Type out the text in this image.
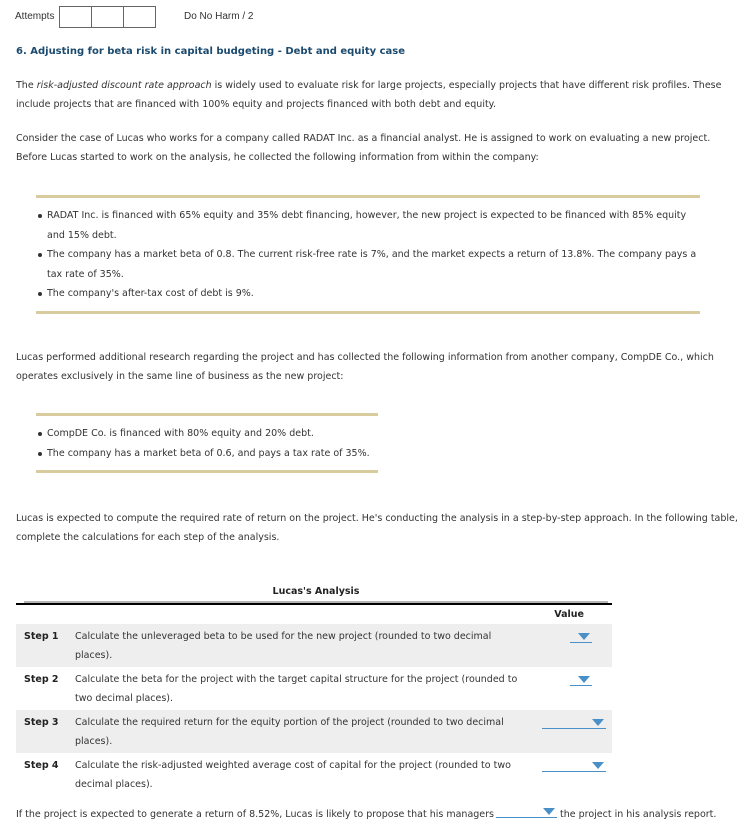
Attempts	Do No Harm / 2
6. Adjusting for beta risk in capital budgeting - Debt and equity case
The risk-adjusted discount rate approach is widely used to evaluate risk for large projects, especially projects that have different risk profiles. These include projects that are financed with 100% equity and projects financed with both debt and equity.
Consider the case of Lucas who works for a company called RADAT Inc. as a financial analyst. He is assigned to work on evaluating a new project. Before Lucas started to work on the analysis, he collected the following information from within the company:
RADAT Inc. is financed with 65% equity and 35% debt financing, however, the new project is expected to be financed with 85% equity and 15% debt.
The company has a market beta of 0.8. The current risk-free rate is 7%, and the market expects a return of 13.8%. The company pays a tax rate of 35%.
The company's after-tax cost of debt is 9%.
Lucas performed additional research regarding the project and has collected the following information from another company, CompDE Co., which operates exclusively in the same line of business as the new project:
CompDE Co. is financed with 80% equity and 20% debt.
The company has a market beta of 0.6, and pays a tax rate of 35%.
Lucas is expected to compute the required rate of return on the project. He's conducting the analysis in a step-by-step approach. In the following table, complete the calculations for each step of the analysis.
Lucas's Analysis
Value
Step 1	Calculate the unleveraged beta to be used for the new project (rounded to two decimal places).
Step 2	Calculate the beta for the project with the target capital structure for the project (rounded to two decimal places).
Step 3	Calculate the required return for the equity portion of the project (rounded to two decimal places).
Step 4	Calculate the risk-adjusted weighted average cost of capital for the project (rounded to two decimal places).
If the project is expected to generate a return of 8.52%, Lucas is likely to propose that his managers	the project in his analysis report.
